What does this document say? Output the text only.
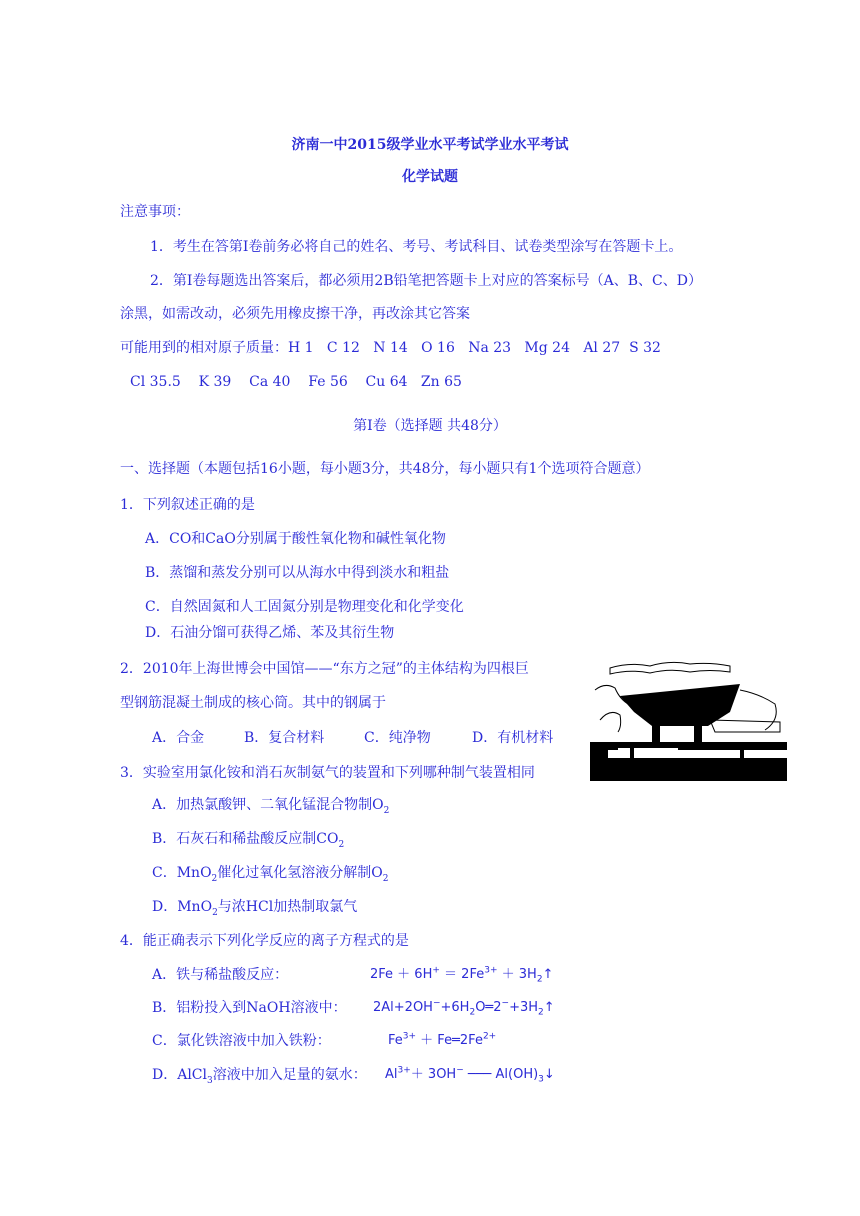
济南一中2015级学业水平考试学业水平考试
化学试题
注意事项：
1．考生在答第Ⅰ卷前务必将自己的姓名、考号、考试科目、试卷类型涂写在答题卡上。
2．第Ⅰ卷每题选出答案后，都必须用2B铅笔把答题卡上对应的答案标号（A、B、C、D）
涂黑，如需改动，必须先用橡皮擦干净，再改涂其它答案
可能用到的相对原子质量：H 1   C 12   N 14   O 16   Na 23   Mg 24   Al 27  S 32
Cl 35.5    K 39    Ca 40    Fe 56    Cu 64   Zn 65
第Ⅰ卷（选择题 共48分）
一、选择题（本题包括16小题，每小题3分，共48分，每小题只有1个选项符合题意）
1．下列叙述正确的是
A．CO和CaO分别属于酸性氧化物和碱性氧化物
B．蒸馏和蒸发分别可以从海水中得到淡水和粗盐
C．自然固氮和人工固氮分别是物理变化和化学变化
D．石油分馏可获得乙烯、苯及其衍生物
2．2010年上海世博会中国馆——“东方之冠”的主体结构为四根巨
型钢筋混凝土制成的核心筒。其中的钢属于
A．合金	B．复合材料	C．纯净物	D．有机材料
3．实验室用氯化铵和消石灰制氨气的装置和下列哪种制气装置相同
A．加热氯酸钾、二氧化锰混合物制$O_2$
B．石灰石和稀盐酸反应制$CO_2$
C．MnO$_2$催化过氧化氢溶液分解制$O_2$
D．MnO$_2$与浓HCl加热制取氯气
4．能正确表示下列化学反应的离子方程式的是
A．铁与稀盐酸反应：	$2Fe + 6H^+ = 2Fe^{3+}$ ＋ $3H_2↑$
B．铝粉投入到NaOH溶液中： $2Al+2OH^-+6H_2O═2^-+3H_2↑$
C．氯化铁溶液中加入铁粉：	$Fe^{3+}$ ＋ $Fe═2Fe^{2+}$
D．AlCl$_3$溶液中加入足量的氨水： $Al^{3+}+ 3OH^-$ ─── $Al(OH)_3↓$
